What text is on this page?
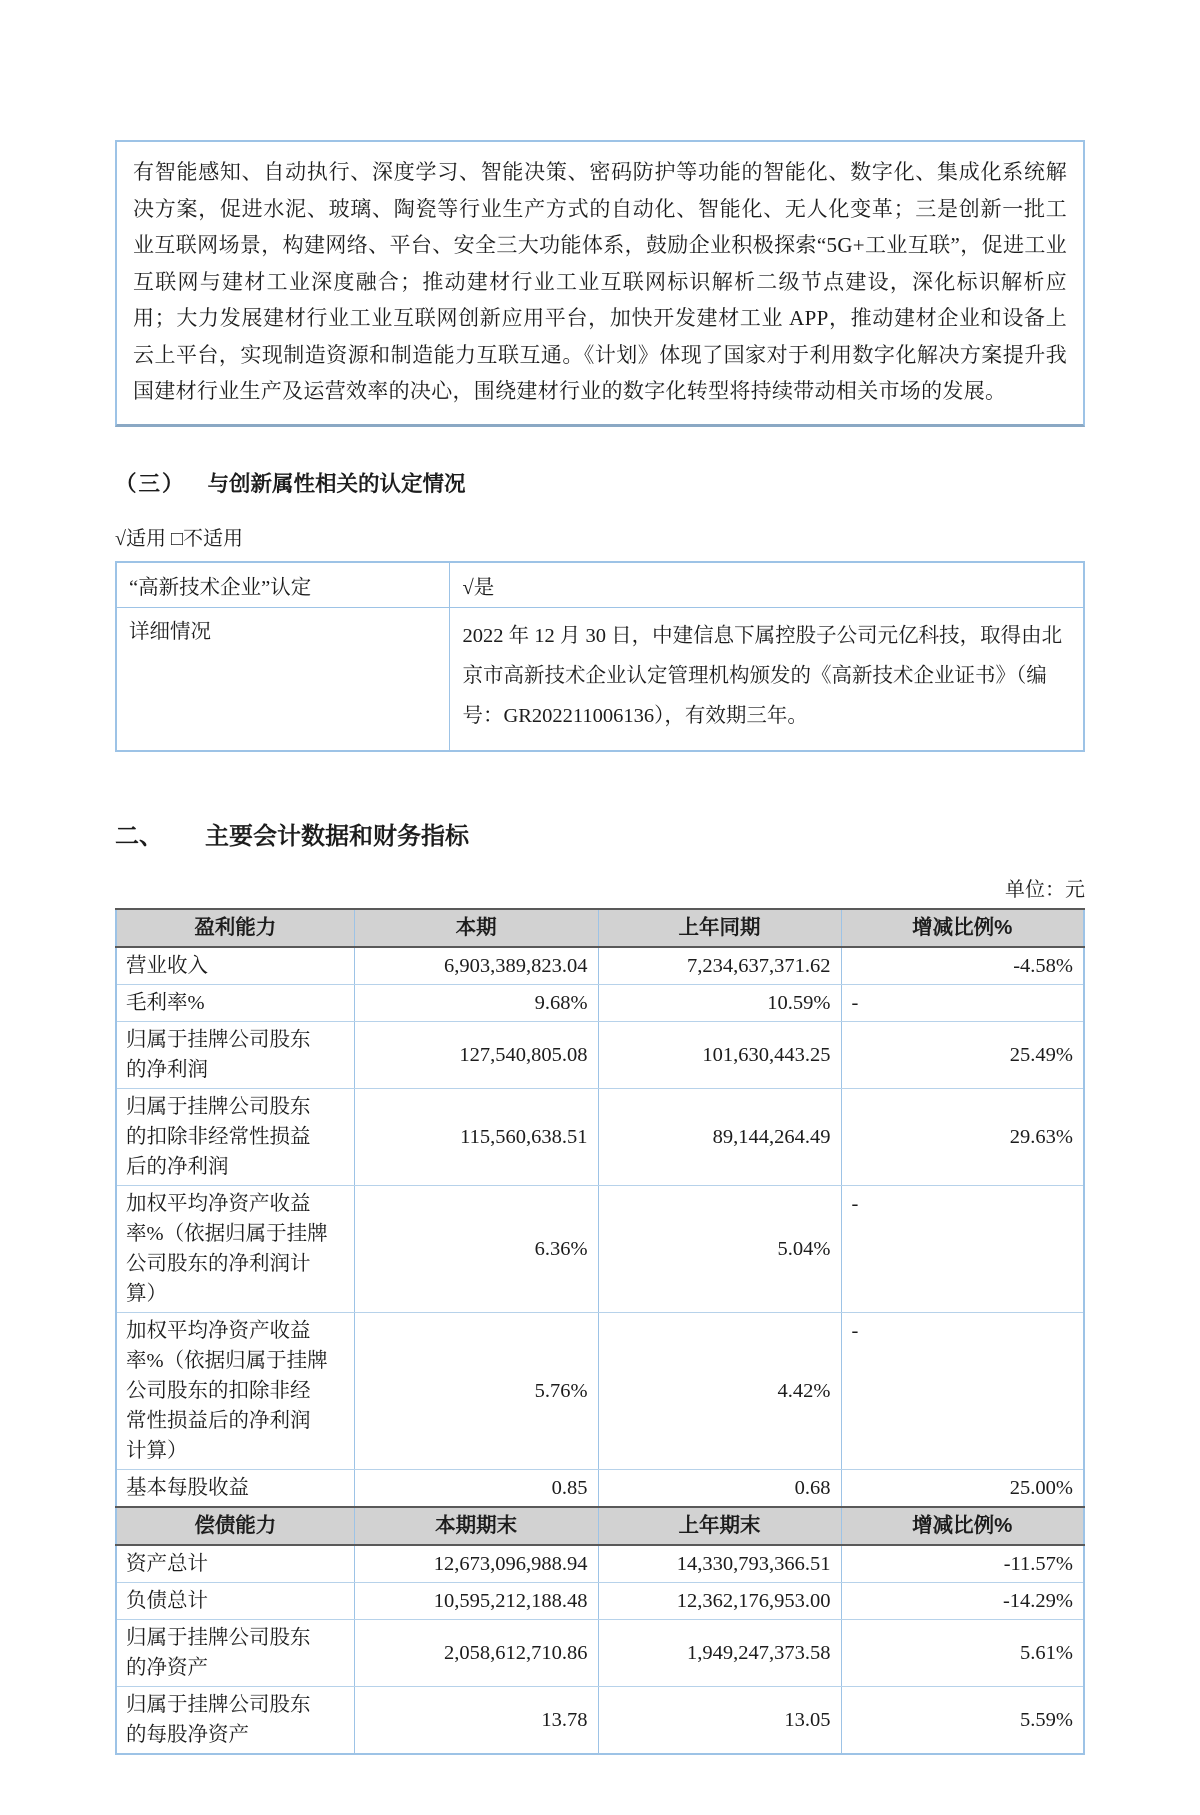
有智能感知、自动执行、深度学习、智能决策、密码防护等功能的智能化、数字化、集成化系统解决方案，促进水泥、玻璃、陶瓷等行业生产方式的自动化、智能化、无人化变革；三是创新一批工业互联网场景，构建网络、平台、安全三大功能体系，鼓励企业积极探索“5G+工业互联”，促进工业互联网与建材工业深度融合；推动建材行业工业互联网标识解析二级节点建设，深化标识解析应用；大力发展建材行业工业互联网创新应用平台，加快开发建材工业 APP，推动建材企业和设备上云上平台，实现制造资源和制造能力互联互通。《计划》体现了国家对于利用数字化解决方案提升我国建材行业生产及运营效率的决心，围绕建材行业的数字化转型将持续带动相关市场的发展。

（三） 与创新属性相关的认定情况
√适用 □不适用
“高新技术企业”认定	√是
详细情况	2022 年 12 月 30 日，中建信息下属控股子公司元亿科技，取得由北京市高新技术企业认定管理机构颁发的《高新技术企业证书》（编号：GR202211006136），有效期三年。
二、 主要会计数据和财务指标
单位：元
盈利能力	本期	上年同期	增减比例%
营业收入	6,903,389,823.04	7,234,637,371.62	-4.58%
毛利率%	9.68%	10.59%	-
归属于挂牌公司股东的净利润	127,540,805.08	101,630,443.25	25.49%
归属于挂牌公司股东的扣除非经常性损益后的净利润	115,560,638.51	89,144,264.49	29.63%
加权平均净资产收益率%（依据归属于挂牌公司股东的净利润计算）	6.36%	5.04%	-
加权平均净资产收益率%（依据归属于挂牌公司股东的扣除非经常性损益后的净利润计算）	5.76%	4.42%	-
基本每股收益	0.85	0.68	25.00%
偿债能力	本期期末	上年期末	增减比例%
资产总计	12,673,096,988.94	14,330,793,366.51	-11.57%
负债总计	10,595,212,188.48	12,362,176,953.00	-14.29%
归属于挂牌公司股东的净资产	2,058,612,710.86	1,949,247,373.58	5.61%
归属于挂牌公司股东的每股净资产	13.78	13.05	5.59%
